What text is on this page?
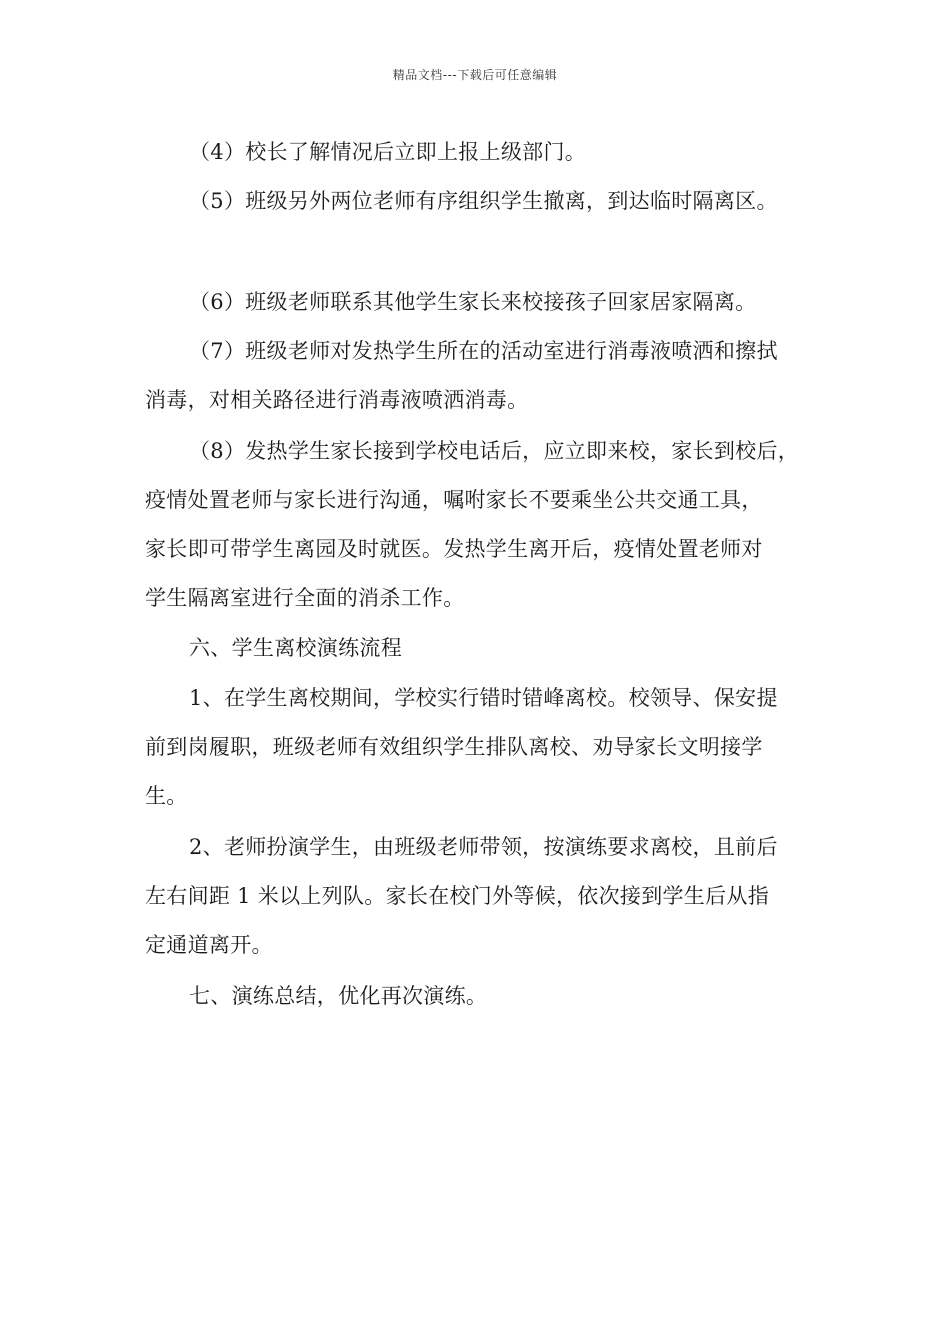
精品文档---下载后可任意编辑
（4）校长了解情况后立即上报上级部门。
（5）班级另外两位老师有序组织学生撤离，到达临时隔离区。
（6）班级老师联系其他学生家长来校接孩子回家居家隔离。
（7）班级老师对发热学生所在的活动室进行消毒液喷洒和擦拭
消毒，对相关路径进行消毒液喷洒消毒。
（8）发热学生家长接到学校电话后，应立即来校，家长到校后，
疫情处置老师与家长进行沟通，嘱咐家长不要乘坐公共交通工具，
家长即可带学生离园及时就医。发热学生离开后，疫情处置老师对
学生隔离室进行全面的消杀工作。
六、学生离校演练流程
1、在学生离校期间，学校实行错时错峰离校。校领导、保安提
前到岗履职，班级老师有效组织学生排队离校、劝导家长文明接学
生。
2、老师扮演学生，由班级老师带领，按演练要求离校，且前后
左右间距 1 米以上列队。家长在校门外等候，依次接到学生后从指
定通道离开。
七、演练总结，优化再次演练。
